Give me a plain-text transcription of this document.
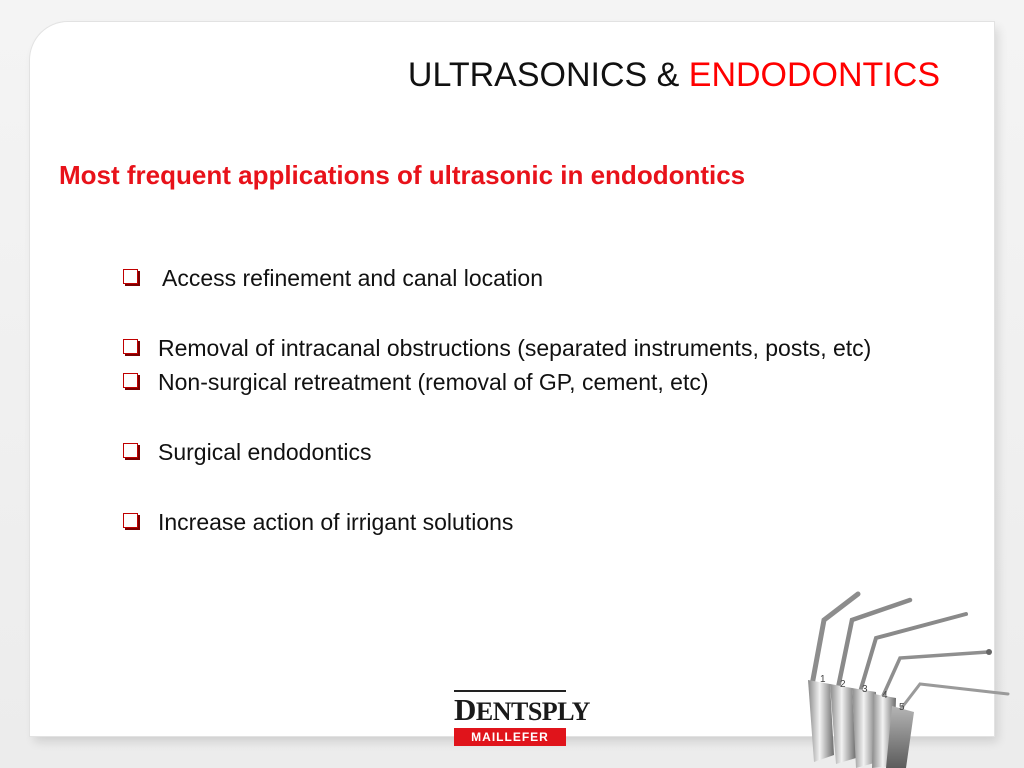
ULTRASONICS & ENDODONTICS
Most frequent applications of ultrasonic in endodontics
Access refinement and canal location
Removal of intracanal obstructions (separated instruments, posts, etc)
Non-surgical retreatment (removal of GP, cement, etc)
Surgical endodontics
Increase action of irrigant solutions
DENTSPLY
MAILLEFER
1 2 3
4
5
